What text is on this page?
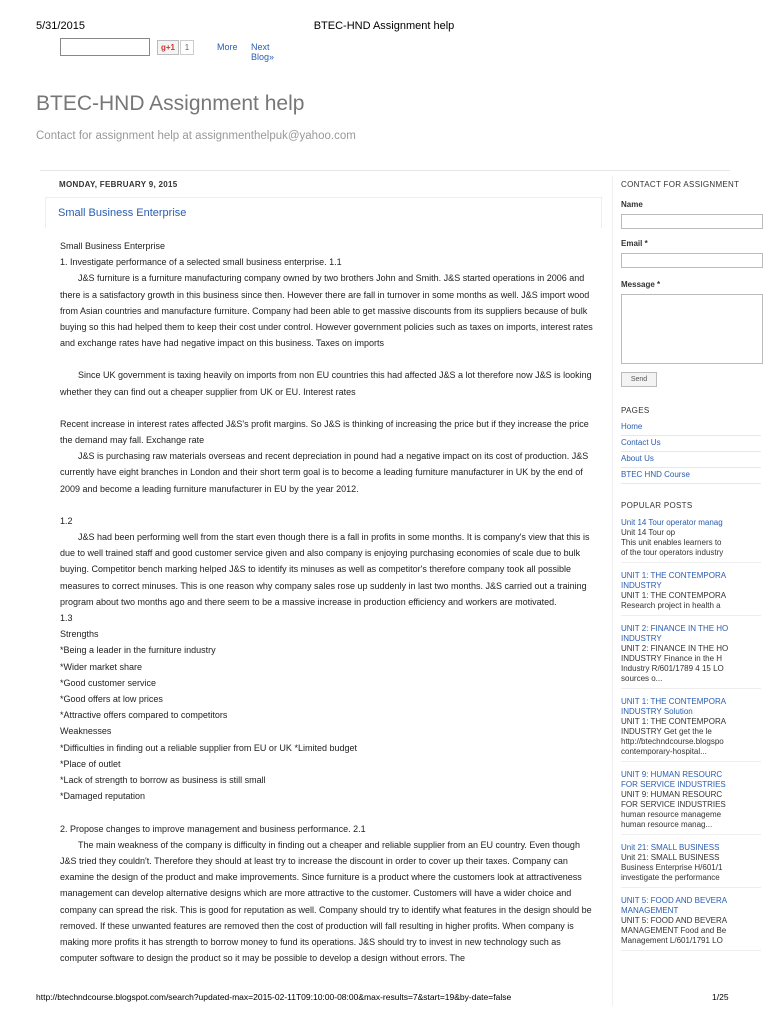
5/31/2015	BTEC-HND Assignment help
g+1	1	More Next Blog»
BTEC-HND Assignment help
Contact for assignment help at assignmenthelpuk@yahoo.com
MONDAY, FEBRUARY 9, 2015
Small Business Enterprise

Small Business Enterprise

1. Investigate performance of a selected small business enterprise. 1.1

J&S furniture is a furniture manufacturing company owned by two brothers John and Smith. J&S started operations in 2006 and there is a satisfactory growth in this business since then. However there are fall in turnover in some months as well. J&S import wood from Asian countries and manufacture furniture. Company had been able to get massive discounts from its suppliers because of bulk buying so this had helped them to keep their cost under control. However government policies such as taxes on imports, interest rates and exchange rates have had negative impact on this business. Taxes on imports

Since UK government is taxing heavily on imports from non EU countries this had affected J&S a lot therefore now J&S is looking whether they can find out a cheaper supplier from UK or EU. Interest rates

Recent increase in interest rates affected J&S's profit margins. So J&S is thinking of increasing the price but if they increase the price the demand may fall. Exchange rate

J&S is purchasing raw materials overseas and recent depreciation in pound had a negative impact on its cost of production. J&S currently have eight branches in London and their short term goal is to become a leading furniture manufacturer in UK by the end of 2009 and become a leading furniture manufacturer in EU by the year 2012.

1.2

J&S had been performing well from the start even though there is a fall in profits in some months. It is company's view that this is due to well trained staff and good customer service given and also company is enjoying purchasing economies of scale due to bulk buying. Competitor bench marking helped J&S to identify its minuses as well as competitor's therefore company took all possible measures to correct minuses. This is one reason why company sales rose up suddenly in last two months. J&S carried out a training program about two months ago and there seem to be a massive increase in production efficiency and workers are motivated.

1.3

Strengths

*Being a leader in the furniture industry

*Wider market share

*Good customer service

*Good offers at low prices

*Attractive offers compared to competitors

Weaknesses

*Difficulties in finding out a reliable supplier from EU or UK *Limited budget

*Place of outlet

*Lack of strength to borrow as business is still small

*Damaged reputation

2. Propose changes to improve management and business performance. 2.1

The main weakness of the company is difficulty in finding out a cheaper and reliable supplier from an EU country. Even though J&S tried they couldn't. Therefore they should at least try to increase the discount in order to cover up their taxes. Company can examine the design of the product and make improvements. Since furniture is a product where the customers look at attractiveness management can develop alternative designs which are more attractive to the customer. Customers will have a wider choice and company can spread the risk. This is good for reputation as well. Company should try to identify what features in the design should be removed. If these unwanted features are removed then the cost of production will fall resulting in higher profits. When company is making more profits it has strength to borrow money to fund its operations. J&S should try to invest in new technology such as computer software to design the product so it may be possible to develop a design without errors. The

CONTACT FOR ASSIGNMENT
Name
Email *
Message *
Send
PAGES
Home
Contact Us
About Us
BTEC HND Course
POPULAR POSTS
Unit 14 Tour operator manag
Unit 14 Tour op
This unit enables learners to
of the tour operators industry
UNIT 1: THE CONTEMPORA
INDUSTRY
UNIT 1: THE CONTEMPORA
Research project in health a
UNIT 2: FINANCE IN THE HO
INDUSTRY
UNIT 2: FINANCE IN THE HO
INDUSTRY Finance in the H
Industry R/601/1789 4 15 LO
sources o...
UNIT 1: THE CONTEMPORA
INDUSTRY Solution
UNIT 1: THE CONTEMPORA
INDUSTRY Get get the le
http://btechndcourse.blogspo
contemporary-hospital...
UNIT 9: HUMAN RESOURC
FOR SERVICE INDUSTRIES
UNIT 9: HUMAN RESOURC
FOR SERVICE INDUSTRIES
human resource manageme
human resource manag...
Unit 21: SMALL BUSINESS
Unit 21: SMALL BUSINESS
Business Enterprise H/601/1
investigate the performance
UNIT 5: FOOD AND BEVERA
MANAGEMENT
UNIT 5: FOOD AND BEVERA
MANAGEMENT Food and Be
Management L/601/1791 LO
http://btechndcourse.blogspot.com/search?updated-max=2015-02-11T09:10:00-08:00&max-results=7&start=19&by-date=false	1/25
